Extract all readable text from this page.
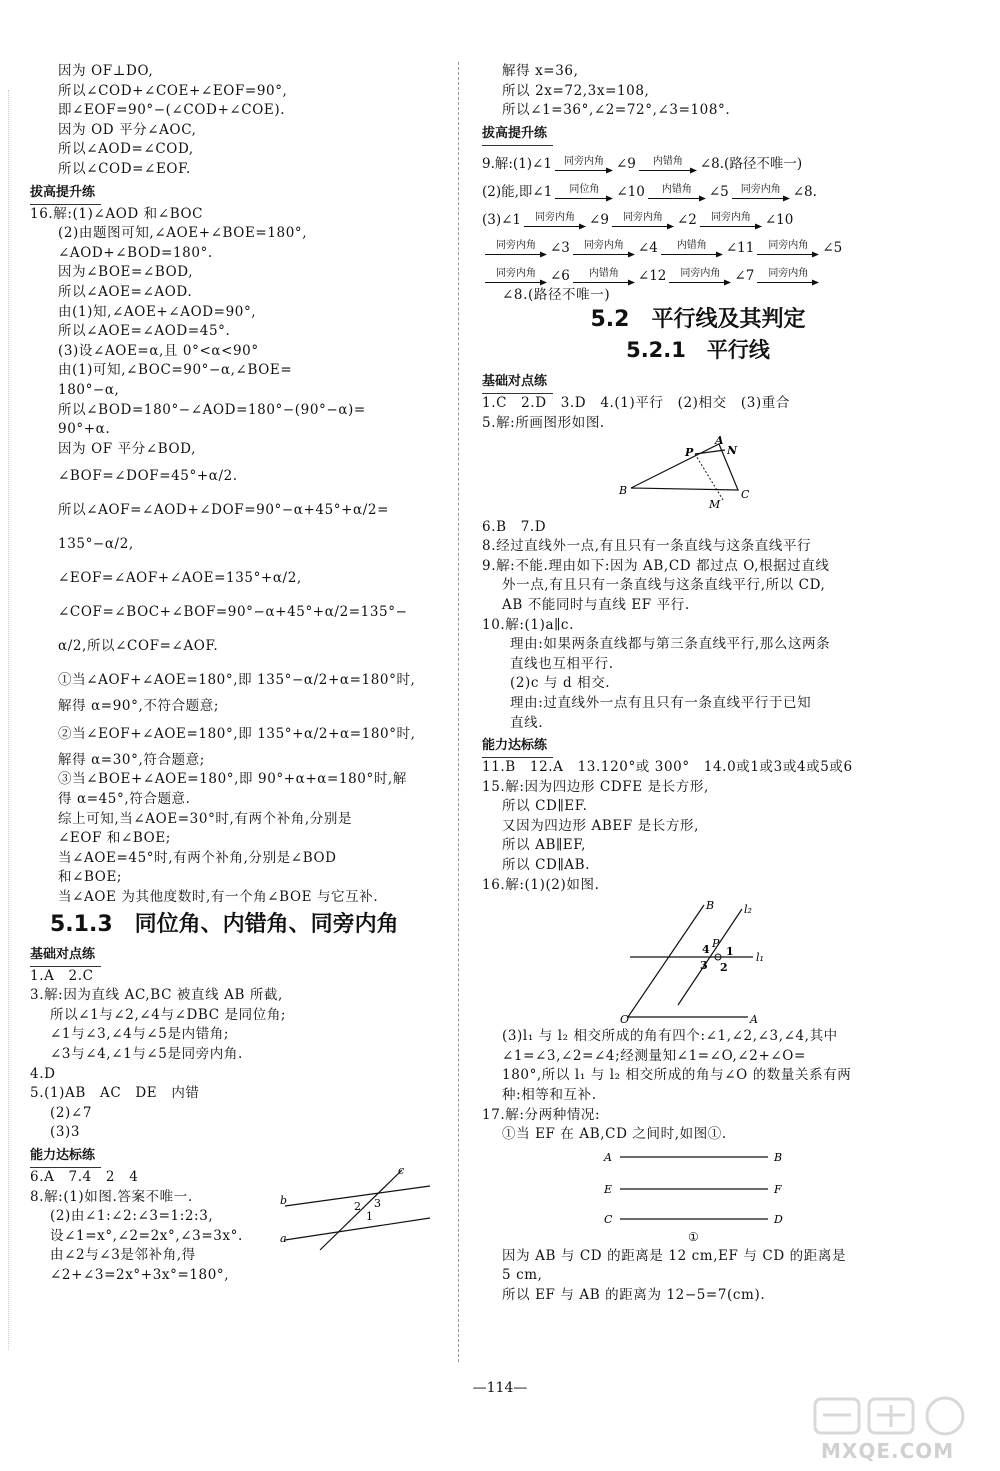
因为 OF⊥DO,
所以∠COD+∠COE+∠EOF=90°,
即∠EOF=90°−(∠COD+∠COE).
因为 OD 平分∠AOC,
所以∠AOD=∠COD,
所以∠COD=∠EOF.
拔高提升练
16.解:(1)∠AOD 和∠BOC
(2)由题图可知,∠AOE+∠BOE=180°,
∠AOD+∠BOD=180°.
因为∠BOE=∠BOD,
所以∠AOE=∠AOD.
由(1)知,∠AOE+∠AOD=90°,
所以∠AOE=∠AOD=45°.
(3)设∠AOE=α,且 0°<α<90°
由(1)可知,∠BOC=90°−α,∠BOE=
180°−α,
所以∠BOD=180°−∠AOD=180°−(90°−α)=
90°+α.
因为 OF 平分∠BOD,
∠BOF=∠DOF=45°+α/2.
所以∠AOF=∠AOD+∠DOF=90°−α+45°+α/2=
135°−α/2,
∠EOF=∠AOF+∠AOE=135°+α/2,
∠COF=∠BOC+∠BOF=90°−α+45°+α/2=135°−
α/2,所以∠COF=∠AOF.
①当∠AOF+∠AOE=180°,即 135°−α/2+α=180°时,
解得 α=90°,不符合题意;
②当∠EOF+∠AOE=180°,即 135°+α/2+α=180°时,
解得 α=30°,符合题意;
③当∠BOE+∠AOE=180°,即 90°+α+α=180°时,解
得 α=45°,符合题意.
综上可知,当∠AOE=30°时,有两个补角,分别是
∠EOF 和∠BOE;
当∠AOE=45°时,有两个补角,分别是∠BOD
和∠BOE;
当∠AOE 为其他度数时,有一个角∠BOE 与它互补.
5.1.3　同位角、内错角、同旁内角
基础对点练
1.A　2.C
3.解:因为直线 AC,BC 被直线 AB 所截,
所以∠1与∠2,∠4与∠DBC 是同位角;
∠1与∠3,∠4与∠5是内错角;
∠3与∠4,∠1与∠5是同旁内角.
4.D
5.(1)AB　AC　DE　内错
(2)∠7
(3)3
能力达标练
6.A　7.4　2　4
8.解:(1)如图.答案不唯一.
(2)由∠1:∠2:∠3=1:2:3,
设∠1=x°,∠2=2x°,∠3=3x°.
由∠2与∠3是邻补角,得
∠2+∠3=2x°+3x°=180°,
c
b
a
2 3
1
解得 x=36,
所以 2x=72,3x=108,
所以∠1=36°,∠2=72°,∠3=108°.
拔高提升练
9.解:(1)∠1 同旁内角 ∠9 内错角 ∠8.(路径不唯一)
(2)能,即∠1 同位角 ∠10 内错角 ∠5 同旁内角 ∠8.
(3)∠1 同旁内角 ∠9 同旁内角 ∠2 同旁内角 ∠10
同旁内角 ∠3 同旁内角 ∠4 内错角 ∠11 同旁内角 ∠5
同旁内角 ∠6 内错角 ∠12 同旁内角 ∠7 同旁内角
∠8.(路径不唯一)
5.2　平行线及其判定
5.2.1　平行线
基础对点练
1.C　2.D　3.D　4.(1)平行　(2)相交　(3)重合
5.解:所画图形如图.
A
N
P
B
M
C
6.B　7.D
8.经过直线外一点,有且只有一条直线与这条直线平行
9.解:不能.理由如下:因为 AB,CD 都过点 O,根据过直线
外一点,有且只有一条直线与这条直线平行,所以 CD,
AB 不能同时与直线 EF 平行.
10.解:(1)a∥c.
理由:如果两条直线都与第三条直线平行,那么这两条
直线也互相平行.
(2)c 与 d 相交.
理由:过直线外一点有且只有一条直线平行于已知
直线.
能力达标练
11.B　12.A　13.120°或 300°　14.0或1或3或4或5或6
15.解:因为四边形 CDFE 是长方形,
所以 CD∥EF.
又因为四边形 ABEF 是长方形,
所以 AB∥EF,
所以 CD∥AB.
16.解:(1)(2)如图.
B	l₂
4 P
1
3 2
l₁
O	A
(3)l₁ 与 l₂ 相交所成的角有四个:∠1,∠2,∠3,∠4,其中
∠1=∠3,∠2=∠4;经测量知∠1=∠O,∠2+∠O=
180°,所以 l₁ 与 l₂ 相交所成的角与∠O 的数量关系有两
种:相等和互补.
17.解:分两种情况:
①当 EF 在 AB,CD 之间时,如图①.
A	B
E	F
C	D
①
因为 AB 与 CD 的距离是 12 cm,EF 与 CD 的距离是
5 cm,
所以 EF 与 AB 的距离为 12−5=7(cm).
—114—
MXQE.COM
